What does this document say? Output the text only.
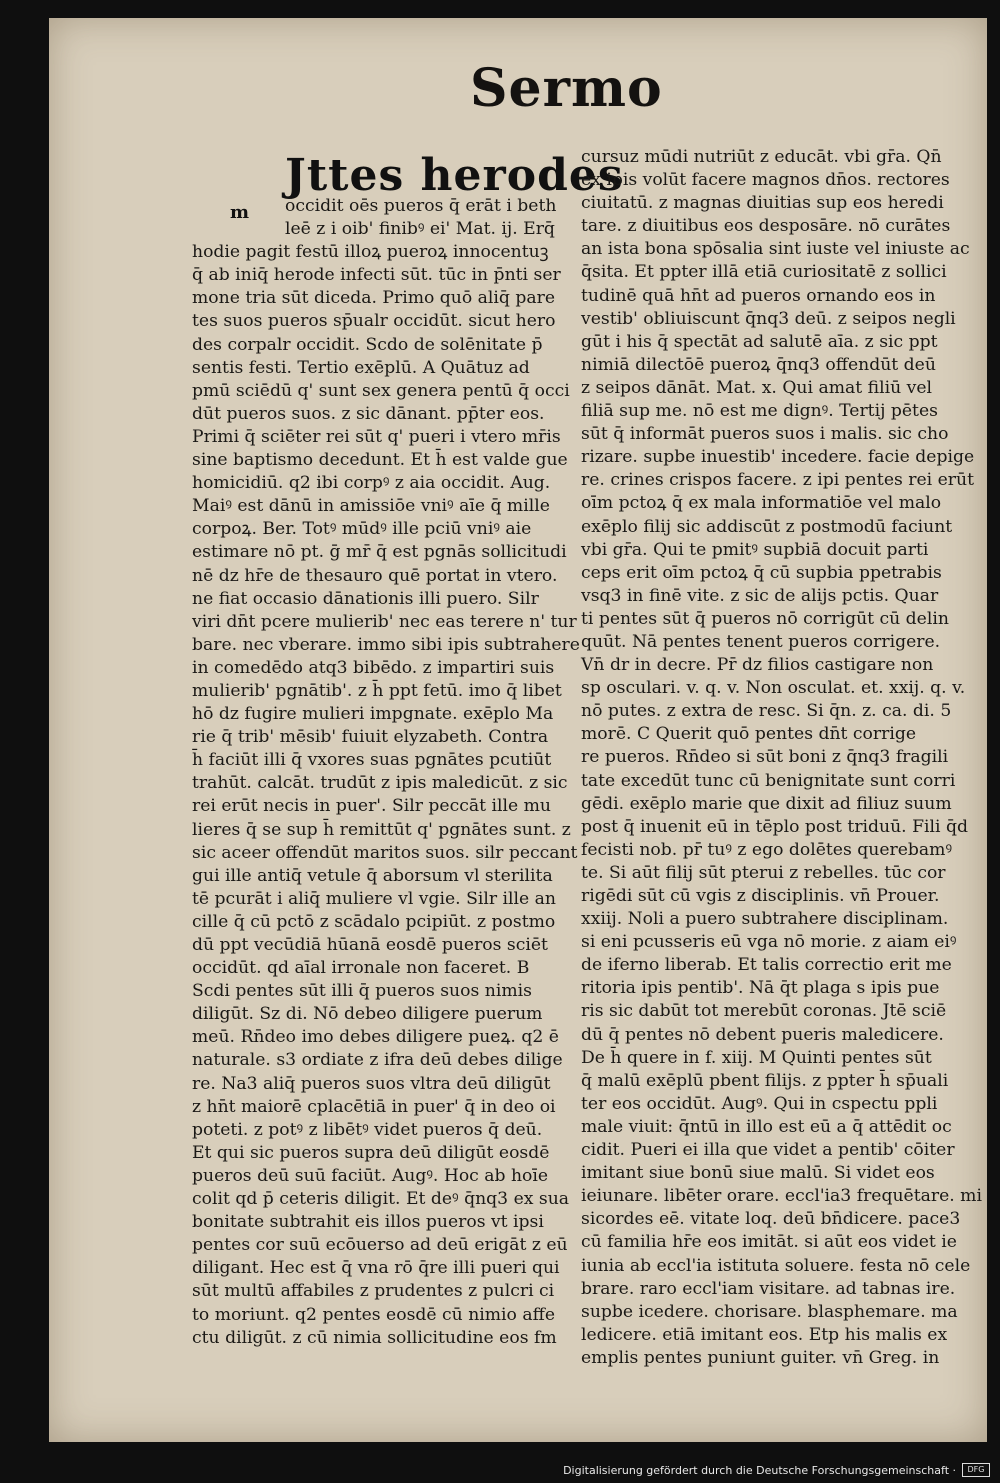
Sermo
Jttes herodes
m	occidit oēs pueros q̄ erāt i beth
leē z i oib' finibꝰ ei' Mat. ij. Erq̄
hodie pagit festū illoꝝ pueroꝝ innocentuꝫ
q̄ ab iniq̄ herode infecti sūt. tūc in p̄nti ser
mone tria sūt diceda. Primo quō aliq̄ pare
tes suos pueros sp̄ualr occidūt. sicut hero
des corpalr occidit. Scdo de solēnitate p̄
sentis festi. Tertio exēplū. A Quātuz ad
pmū sciēdū q' sunt sex genera pentū q̄ occi
dūt pueros suos. z sic dānant. pp̄ter eos.
Primi q̄ sciēter rei sūt q' pueri i vtero mr̄is
sine baptismo decedunt. Et h̄ est valde gue
homicidiū. q2 ibi corpꝰ z aia occidit. Aug.
Maiꝰ est dānū in amissiōe vniꝰ aīe q̄ mille
corpoꝝ. Ber. Totꝰ mūdꝰ ille pciū vniꝰ aie
estimare nō pt. ḡ mr̄ q̄ est pgnās sollicitudi
nē dz hr̄e de thesauro quē portat in vtero.
ne fiat occasio dānationis illi puero. Silr
viri dn̄t pcere mulierib' nec eas terere n' tur
bare. nec vberare. immo sibi ipis subtrahere
in comedēdo atq3 bibēdo. z impartiri suis
mulierib' pgnātib'. z h̄ ppt fetū. imo q̄ libet
hō dz fugire mulieri impgnate. exēplo Ma
rie q̄ trib' mēsib' fuiuit elyzabeth. Contra
h̄ faciūt illi q̄ vxores suas pgnātes pcutiūt
trahūt. calcāt. trudūt z ipis maledicūt. z sic
rei erūt necis in puer'. Silr peccāt ille mu
lieres q̄ se sup h̄ remittūt q' pgnātes sunt. z
sic aceer offendūt maritos suos. silr peccant
gui ille antiq̄ vetule q̄ aborsum vl sterilita
tē pcurāt i aliq̄ muliere vl vgie. Silr ille an
cille q̄ cū pctō z scādalo pcipiūt. z postmo
dū ppt vecūdiā hūanā eosdē pueros sciēt
occidūt. qd aīal irronale non faceret. B
Scdi pentes sūt illi q̄ pueros suos nimis
diligūt. Sz di. Nō debeo diligere puerum
meū. Rn̄deo imo debes diligere pueꝝ. q2 ē
naturale. s3 ordiate z ifra deū debes dilige
re. Na3 aliq̄ pueros suos vltra deū diligūt
z hn̄t maiorē cplacētiā in puer' q̄ in deo oi
poteti. z potꝰ z libētꝰ videt pueros q̄ deū.
Et qui sic pueros supra deū diligūt eosdē
pueros deū suū faciūt. Augꝰ. Hoc ab hoīe
colit qd p̄ ceteris diligit. Et deꝰ q̄nq3 ex sua
bonitate subtrahit eis illos pueros vt ipsi
pentes cor suū ecōuerso ad deū erigāt z eū
diligant. Hec est q̄ vna rō q̄re illi pueri qui
sūt multū affabiles z prudentes z pulcri ci
to moriunt. q2 pentes eosdē cū nimio affe
ctu diligūt. z cū nimia sollicitudine eos fm
cursuz mūdi nutriūt z educāt. vbi gr̄a. Qn̄
ex ipis volūt facere magnos dn̄os. rectores
ciuitatū. z magnas diuitias sup eos heredi
tare. z diuitibus eos desposāre. nō curātes
an ista bona spōsalia sint iuste vel iniuste ac
q̄sita. Et ppter illā etiā curiositatē z sollici
tudinē quā hn̄t ad pueros ornando eos in
vestib' obliuiscunt q̄nq3 deū. z seipos negli
gūt i his q̄ spectāt ad salutē aīa. z sic ppt
nimiā dilectōē pueroꝝ q̄nq3 offendūt deū
z seipos dānāt. Mat. x. Qui amat filiū vel
filiā sup me. nō est me dignꝰ. Tertij pētes
sūt q̄ informāt pueros suos i malis. sic cho
rizare. supbe inuestib' incedere. facie depige
re. crines crispos facere. z ipi pentes rei erūt
oīm pctoꝝ q̄ ex mala informatiōe vel malo
exēplo filij sic addiscūt z postmodū faciunt
vbi gr̄a. Qui te pmitꝰ supbiā docuit parti
ceps erit oīm pctoꝝ q̄ cū supbia ppetrabis
vsq3 in finē vite. z sic de alijs pctis. Quar
ti pentes sūt q̄ pueros nō corrigūt cū delin
quūt. Nā pentes tenent pueros corrigere.
Vn̄ dr in decre. Pr̄ dz filios castigare non
sp osculari. v. q. v. Non osculat. et. xxij. q. v.
nō putes. z extra de resc. Si q̄n. z. ca. di. 5
morē. C Querit quō pentes dn̄t corrige
re pueros. Rn̄deo si sūt boni z q̄nq3 fragili
tate excedūt tunc cū benignitate sunt corri
gēdi. exēplo marie que dixit ad filiuz suum
post q̄ inuenit eū in tēplo post triduū. Fili q̄d
fecisti nob. pr̄ tuꝰ z ego dolētes querebamꝰ
te. Si aūt filij sūt pterui z rebelles. tūc cor
rigēdi sūt cū vgis z disciplinis. vn̄ Prouer.
xxiij. Noli a puero subtrahere disciplinam.
si eni pcusseris eū vga nō morie. z aiam eiꝰ
de iferno liberab. Et talis correctio erit me
ritoria ipis pentib'. Nā q̄t plaga s ipis pue
ris sic dabūt tot merebūt coronas. Jtē sciē
dū q̄ pentes nō debent pueris maledicere.
De h̄ quere in f. xiij. M Quinti pentes sūt
q̄ malū exēplū pbent filijs. z ppter h̄ sp̄uali
ter eos occidūt. Augꝰ. Qui in cspectu ppli
male viuit: q̄ntū in illo est eū a q̄ attēdit oc
cidit. Pueri ei illa que videt a pentib' cōiter
imitant siue bonū siue malū. Si videt eos
ieiunare. libēter orare. eccl'ia3 frequētare. mi
sicordes eē. vitate loq. deū bn̄dicere. pace3
cū familia hr̄e eos imitāt. si aūt eos videt ie
iunia ab eccl'ia istituta soluere. festa nō cele
brare. raro eccl'iam visitare. ad tabnas ire.
supbe icedere. chorisare. blasphemare. ma
ledicere. etiā imitant eos. Etp his malis ex
emplis pentes puniunt guiter. vn̄ Greg. in
Digitalisierung gefördert durch die Deutsche Forschungsgemeinschaft ·	DFG
